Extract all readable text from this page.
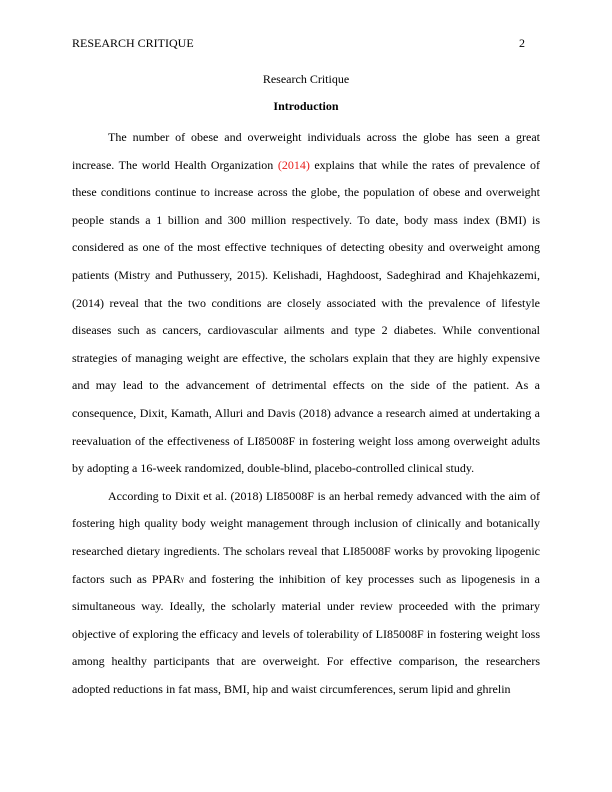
RESEARCH CRITIQUE	2
Research Critique
Introduction

The number of obese and overweight individuals across the globe has seen a great increase. The world Health Organization (2014) explains that while the rates of prevalence of these conditions continue to increase across the globe, the population of obese and overweight people stands a 1 billion and 300 million respectively. To date, body mass index (BMI) is considered as one of the most effective techniques of detecting obesity and overweight among patients (Mistry and Puthussery, 2015). Kelishadi, Haghdoost, Sadeghirad and Khajehkazemi, (2014) reveal that the two conditions are closely associated with the prevalence of lifestyle diseases such as cancers, cardiovascular ailments and type 2 diabetes. While conventional strategies of managing weight are effective, the scholars explain that they are highly expensive and may lead to the advancement of detrimental effects on the side of the patient. As a consequence, Dixit, Kamath, Alluri and Davis (2018) advance a research aimed at undertaking a reevaluation of the effectiveness of LI85008F in fostering weight loss among overweight adults by adopting a 16-week randomized, double-blind, placebo-controlled clinical study.

According to Dixit et al. (2018) LI85008F is an herbal remedy advanced with the aim of fostering high quality body weight management through inclusion of clinically and botanically researched dietary ingredients. The scholars reveal that LI85008F works by provoking lipogenic factors such as $PPAR^\gamma$ and fostering the inhibition of key processes such as lipogenesis in a simultaneous way. Ideally, the scholarly material under review proceeded with the primary objective of exploring the efficacy and levels of tolerability of LI85008F in fostering weight loss among healthy participants that are overweight. For effective comparison, the researchers adopted reductions in fat mass, BMI, hip and waist circumferences, serum lipid and ghrelin
